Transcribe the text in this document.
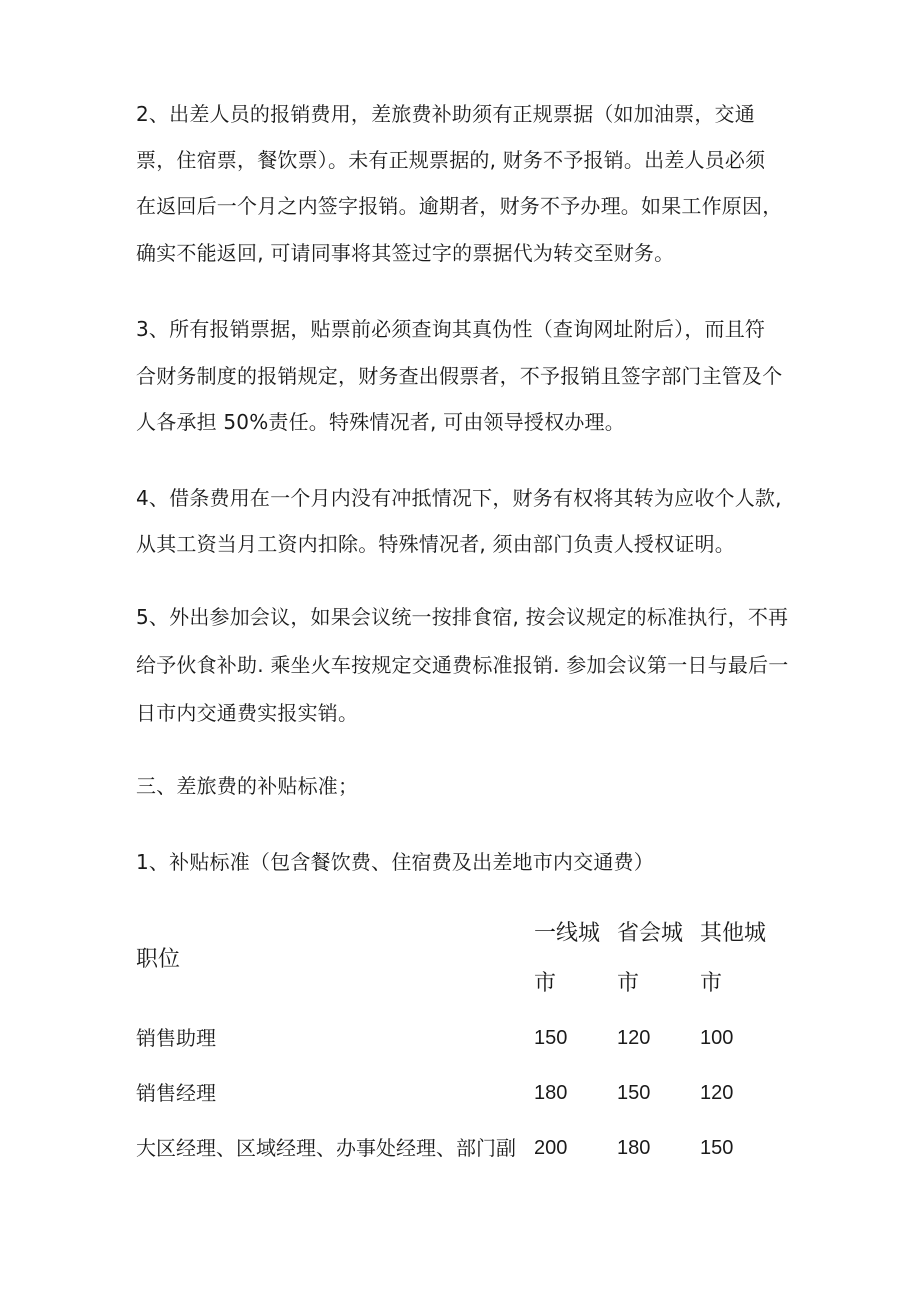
2、出差人员的报销费用，差旅费补助须有正规票据（如加油票，交通
票，住宿票，餐饮票）。未有正规票据的, 财务不予报销。出差人员必须
在返回后一个月之内签字报销。逾期者，财务不予办理。如果工作原因，
确实不能返回, 可请同事将其签过字的票据代为转交至财务。
3、所有报销票据，贴票前必须查询其真伪性（查询网址附后），而且符
合财务制度的报销规定，财务查出假票者，不予报销且签字部门主管及个
人各承担 50%责任。特殊情况者, 可由领导授权办理。
4、借条费用在一个月内没有冲抵情况下，财务有权将其转为应收个人款,
从其工资当月工资内扣除。特殊情况者, 须由部门负责人授权证明。
5、外出参加会议，如果会议统一按排食宿, 按会议规定的标准执行，不再
给予伙食补助. 乘坐火车按规定交通费标准报销. 参加会议第一日与最后一
日市内交通费实报实销。
三、差旅费的补贴标准；
1、补贴标准（包含餐饮费、住宿费及出差地市内交通费）
职位
一线城
市
省会城
市
其他城
市
销售助理	150 120 100
销售经理	180 150 120
大区经理、区域经理、办事处经理、部门副 200 180 150
